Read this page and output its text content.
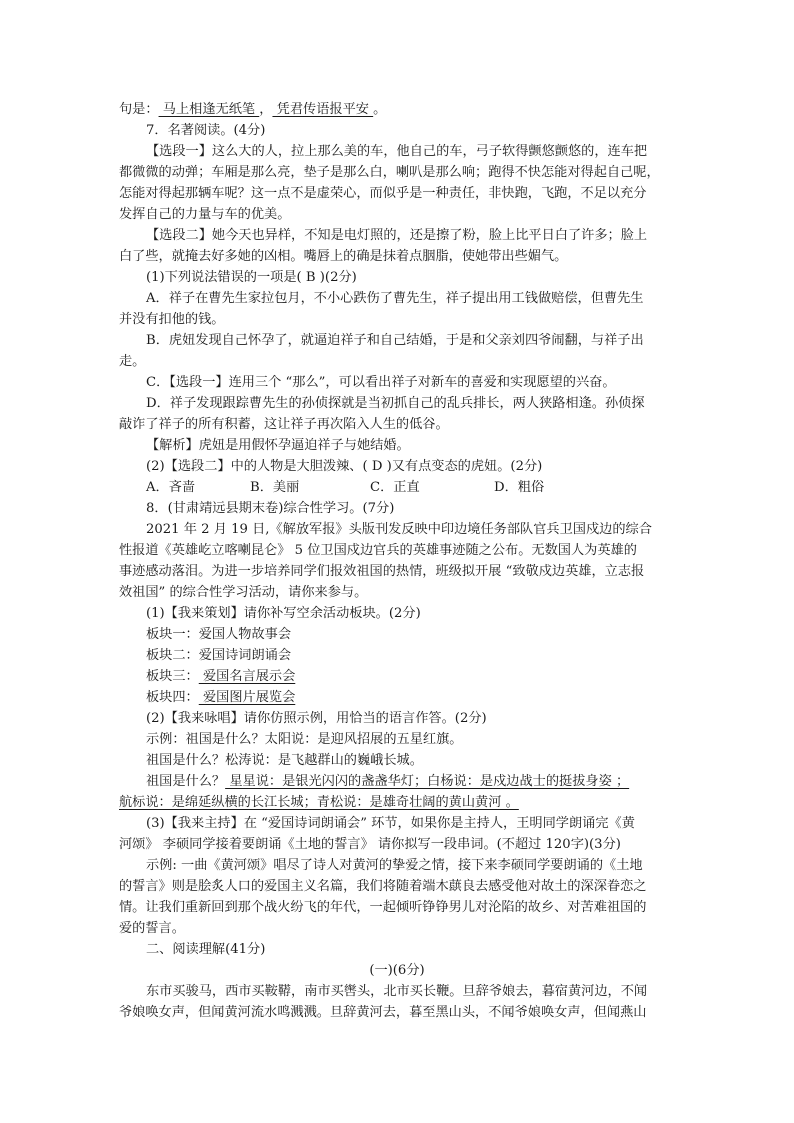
句是： 马上相逢无纸笔 ， 凭君传语报平安 。
7．名著阅读。(4分)
【选段一】这么大的人，拉上那么美的车，他自己的车，弓子软得颤悠颤悠的，连车把
都微微的动弹；车厢是那么亮，垫子是那么白，喇叭是那么响；跑得不快怎能对得起自己呢，
怎能对得起那辆车呢？这一点不是虚荣心，而似乎是一种责任，非快跑，飞跑，不足以充分
发挥自己的力量与车的优美。
【选段二】她今天也异样，不知是电灯照的，还是擦了粉，脸上比平日白了许多；脸上
白了些，就掩去好多她的凶相。嘴唇上的确是抹着点胭脂，使她带出些媚气。
(1)下列说法错误的一项是( B )(2分)
A．祥子在曹先生家拉包月，不小心跌伤了曹先生，祥子提出用工钱做赔偿，但曹先生
并没有扣他的钱。
B．虎妞发现自己怀孕了，就逼迫祥子和自己结婚，于是和父亲刘四爷闹翻，与祥子出
走。
C．【选段一】连用三个 “那么”，可以看出祥子对新车的喜爱和实现愿望的兴奋。
D．祥子发现跟踪曹先生的孙侦探就是当初抓自己的乱兵排长，两人狭路相逢。孙侦探
敲诈了祥子的所有积蓄，这让祥子再次陷入人生的低谷。
【解析】虎妞是用假怀孕逼迫祥子与她结婚。
(2)【选段二】中的人物是大胆泼辣、( D )又有点变态的虎妞。(2分)
A．吝啬	B．美丽	C．正直	D．粗俗
8．(甘肃靖远县期末卷)综合性学习。(7分)
2021 年 2 月 19 日,《解放军报》头版刊发反映中印边境任务部队官兵卫国戍边的综合
性报道《英雄屹立喀喇昆仑》 5 位卫国戍边官兵的英雄事迹随之公布。无数国人为英雄的
事迹感动落泪。为进一步培养同学们报效祖国的热情，班级拟开展 “致敬戍边英雄，立志报
效祖国” 的综合性学习活动，请你来参与。
(1)【我来策划】请你补写空余活动板块。(2分)
板块一：爱国人物故事会
板块二：爱国诗词朗诵会
板块三： 爱国名言展示会
板块四： 爱国图片展览会
(2)【我来咏唱】请你仿照示例，用恰当的语言作答。(2分)
示例：祖国是什么？太阳说：是迎风招展的五星红旗。
祖国是什么？松涛说：是飞越群山的巍峨长城。
祖国是什么？ 星星说：是银光闪闪的盏盏华灯；白杨说：是戍边战士的挺拔身姿 ；
航标说：是绵延纵横的长江长城；青松说：是雄奇壮阔的黄山黄河 。
(3)【我来主持】在 “爱国诗词朗诵会” 环节，如果你是主持人，王明同学朗诵完《黄
河颂》 李硕同学接着要朗诵《土地的誓言》 请你拟写一段串词。(不超过 120字)(3分)
示例: 一曲《黄河颂》唱尽了诗人对黄河的挚爱之情，接下来李硕同学要朗诵的《土地
的誓言》则是脍炙人口的爱国主义名篇，我们将随着端木蕻良去感受他对故土的深深眷恋之
情。让我们重新回到那个战火纷飞的年代，一起倾听铮铮男儿对沦陷的故乡、对苦难祖国的
爱的誓言。
二、阅读理解(41分)
(一)(6分)
东市买骏马，西市买鞍鞯，南市买辔头，北市买长鞭。旦辞爷娘去，暮宿黄河边，不闻
爷娘唤女声，但闻黄河流水鸣溅溅。旦辞黄河去，暮至黑山头，不闻爷娘唤女声，但闻燕山
